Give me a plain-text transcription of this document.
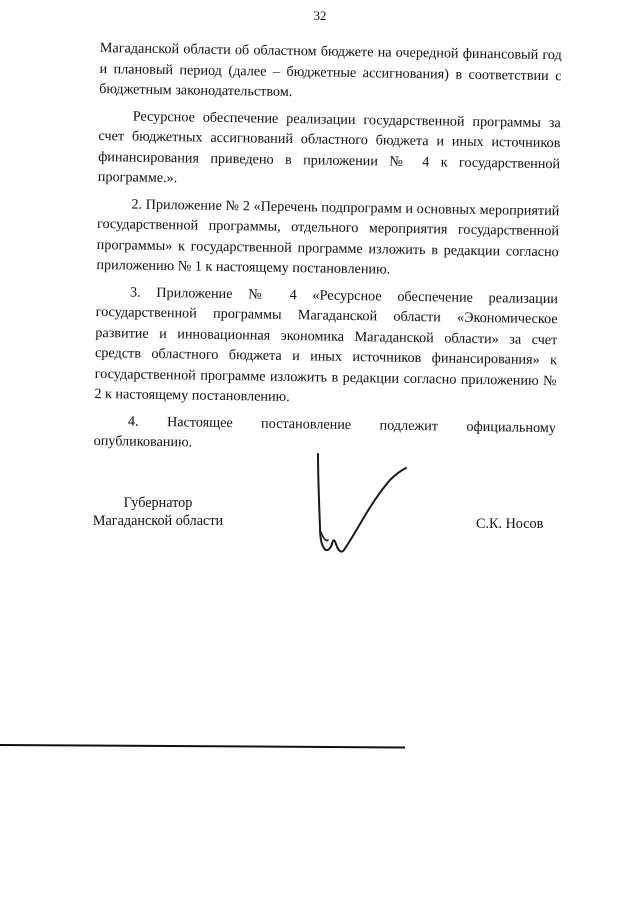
32

Магаданской области об областном бюджете на очередной финансовый год и плановый период (далее – бюджетные ассигнования) в соответствии с бюджетным законодательством.

Ресурсное обеспечение реализации государственной программы за счет бюджетных ассигнований областного бюджета и иных источников финансирования приведено в приложении № 4 к государственной программе.».

2. Приложение № 2 «Перечень подпрограмм и основных мероприятий государственной программы, отдельного мероприятия государственной программы» к государственной программе изложить в редакции согласно приложению № 1 к настоящему постановлению.

3. Приложение № 4 «Ресурсное обеспечение реализации государственной программы Магаданской области «Экономическое развитие и инновационная экономика Магаданской области» за счет средств областного бюджета и иных источников финансирования» к государственной программе изложить в редакции согласно приложению № 2 к настоящему постановлению.

4. Настоящее постановление подлежит официальному опубликованию.

Губернатор
Магаданской области	С.К. Носов
